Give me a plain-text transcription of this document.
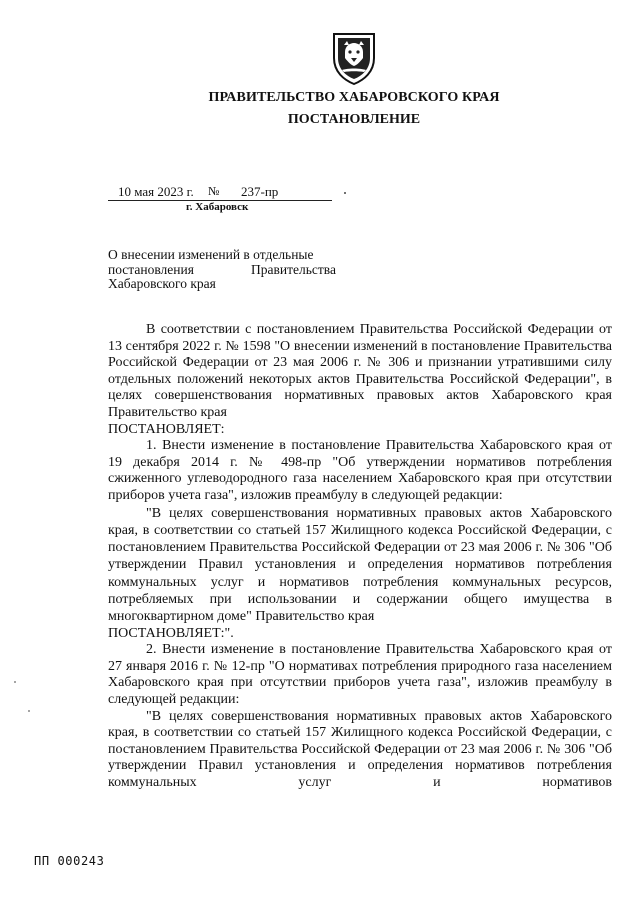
ПРАВИТЕЛЬСТВО ХАБАРОВСКОГО КРАЯ
ПОСТАНОВЛЕНИЕ
10 мая 2023 г. № 237-пр
г. Хабаровск
О внесении изменений в отдельные
постановления	Правительства
Хабаровского края

В соответствии с постановлением Правительства Российской Федерации от 13 сентября 2022 г. № 1598 "О внесении изменений в постановление Правительства Российской Федерации от 23 мая 2006 г. № 306 и признании утратившими силу отдельных положений некоторых актов Правительства Российской Федерации", в целях совершенствования нормативных правовых актов Хабаровского края Правительство края

ПОСТАНОВЛЯЕТ:

1. Внести изменение в постановление Правительства Хабаровского края от 19 декабря 2014 г. № 498-пр "Об утверждении нормативов потребления сжиженного углеводородного газа населением Хабаровского края при отсутствии приборов учета газа", изложив преамбулу в следующей редакции:

"В целях совершенствования нормативных правовых актов Хабаровского края, в соответствии со статьей 157 Жилищного кодекса Российской Федерации, с постановлением Правительства Российской Федерации от 23 мая 2006 г. № 306 "Об утверждении Правил установления и определения нормативов потребления коммунальных услуг и нормативов потребления коммунальных ресурсов, потребляемых при использовании и содержании общего имущества в многоквартирном доме" Правительство края

ПОСТАНОВЛЯЕТ:".

2. Внести изменение в постановление Правительства Хабаровского края от 27 января 2016 г. № 12-пр "О нормативах потребления природного газа населением Хабаровского края при отсутствии приборов учета газа", изложив преамбулу в следующей редакции:

"В целях совершенствования нормативных правовых актов Хабаровского края, в соответствии со статьей 157 Жилищного кодекса Российской Федерации, с постановлением Правительства Российской Федерации от 23 мая 2006 г. № 306 "Об утверждении Правил установления и определения нормативов потребления коммунальных услуг и нормативов

ПП 000243
